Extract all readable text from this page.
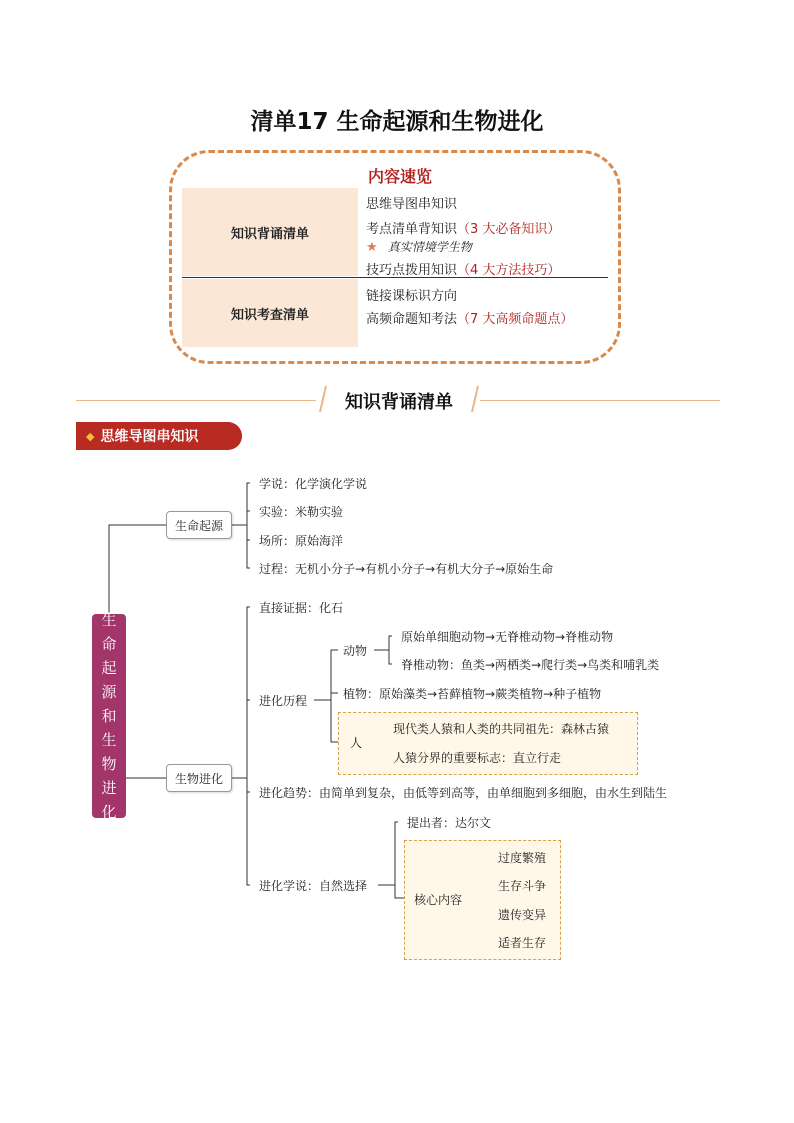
清单17 生命起源和生物进化
内容速览
知识背诵清单
知识考查清单
思维导图串知识
考点清单背知识（3 大必备知识）
★ 真实情境学生物
技巧点拨用知识（4 大方法技巧）
链接课标识方向
高频命题知考法（7 大高频命题点）
知识背诵清单
◆ 思维导图串知识
生
命
起
源
和
生
物
进
化
生命起源
生物进化
学说：化学演化学说
实验：米勒实验
场所：原始海洋
过程：无机小分子→有机小分子→有机大分子→原始生命
直接证据：化石
进化历程
动物
原始单细胞动物→无脊椎动物→脊椎动物
脊椎动物：鱼类→两栖类→爬行类→鸟类和哺乳类
植物：原始藻类→苔藓植物→蕨类植物→种子植物
人
现代类人猿和人类的共同祖先：森林古猿
人猿分界的重要标志：直立行走
进化趋势：由简单到复杂，由低等到高等，由单细胞到多细胞，由水生到陆生
进化学说：自然选择
提出者：达尔文
核心内容
过度繁殖
生存斗争
遗传变异
适者生存
